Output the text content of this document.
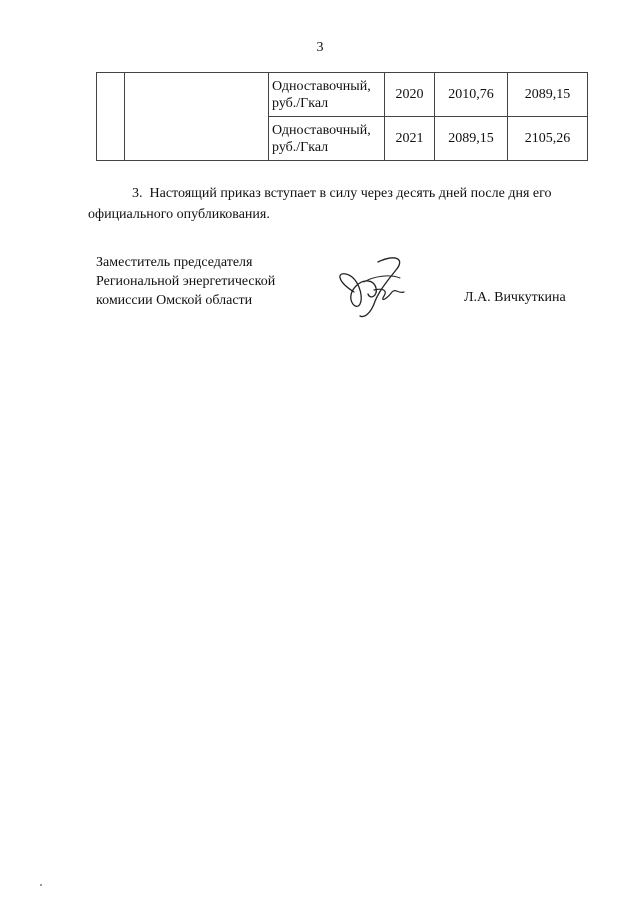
3
		Одноставочный, руб./Гкал	2020	2010,76	2089,15
		Одноставочный, руб./Гкал	2021	2089,15	2105,26
3. Настоящий приказ вступает в силу через десять дней после дня его официального опубликования.
Заместитель председателя
Региональной энергетической
комиссии Омской области	Л.А. Вичкуткина
